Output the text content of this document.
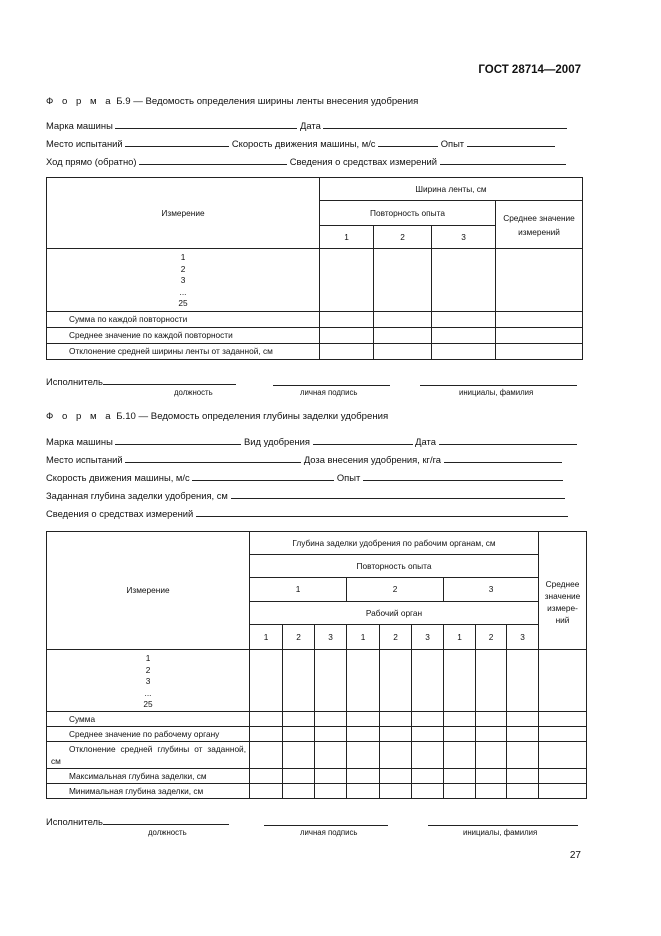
ГОСТ 28714—2007
Ф о р м а Б.9 — Ведомость определения ширины ленты внесения удобрения
Марка машины	Дата
Место испытаний	Скорость движения машины, м/с	Опыт
Ход прямо (обратно)	Сведения о средствах измерений
Измерение	Ширина ленты, см			
	Повторность опыта			Среднее значение измерений
	1	2	3	

1
2
3
...
25				

Сумма по каждой повторности				
Среднее значение по каждой повторности				
Отклонение средней ширины ленты от заданной, см				
Исполнитель
должность	личная подпись	инициалы, фамилия
Ф о р м а Б.10 — Ведомость определения глубины заделки удобрения
Марка машины	Вид удобрения	Дата
Место испытаний	Доза внесения удобрения, кг/га
Скорость движения машины, м/с	Опыт
Заданная глубина заделки удобрения, см
Сведения о средствах измерений
Измерение	Глубина заделки удобрения по рабочим органам, см									
	Повторность опыта									Среднее значение измере-ний
	1			2			3			
	Рабочий орган									
	1	2	3	1	2	3	1	2	3	

1
2
3
...
25										

Сумма										
Среднее значение по рабочему органу										
Отклонение средней глубины от заданной, см										
Максимальная глубина заделки, см										
Минимальная глубина заделки, см										
Исполнитель
должность	личная подпись	инициалы, фамилия
27
